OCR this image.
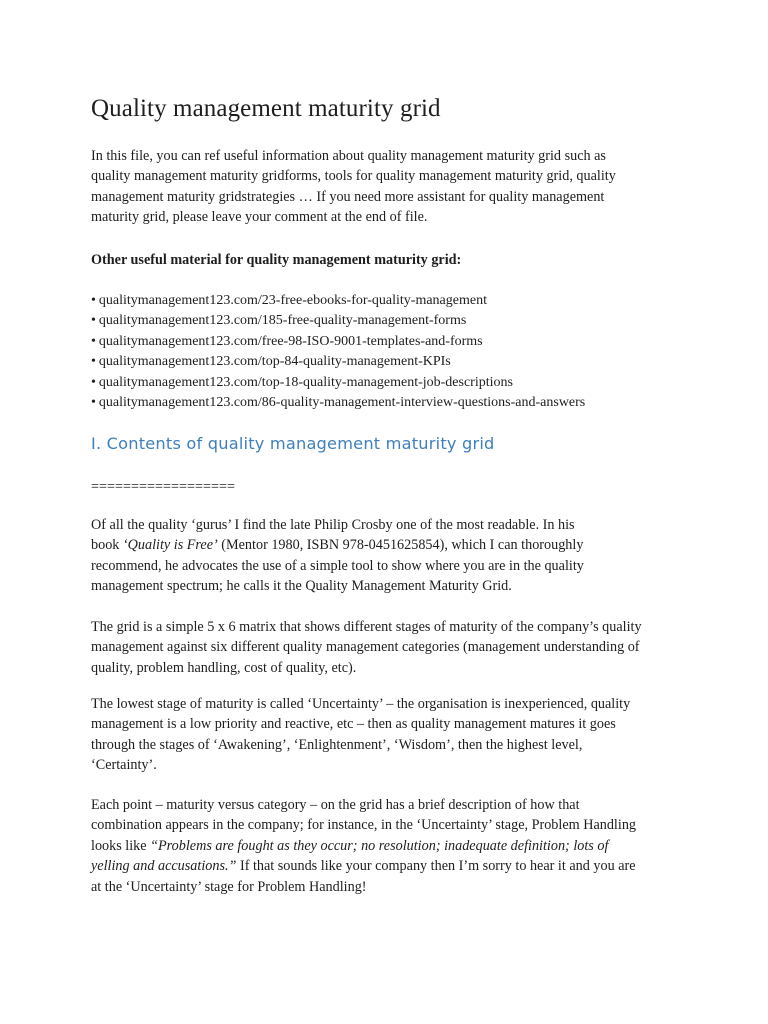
Quality management maturity grid

In this file, you can ref useful information about quality management maturity grid such as
quality management maturity gridforms, tools for quality management maturity grid, quality
management maturity gridstrategies … If you need more assistant for quality management
maturity grid, please leave your comment at the end of file.

Other useful material for quality management maturity grid:

• qualitymanagement123.com/23-free-ebooks-for-quality-management
• qualitymanagement123.com/185-free-quality-management-forms
• qualitymanagement123.com/free-98-ISO-9001-templates-and-forms
• qualitymanagement123.com/top-84-quality-management-KPIs
• qualitymanagement123.com/top-18-quality-management-job-descriptions
• qualitymanagement123.com/86-quality-management-interview-questions-and-answers
I. Contents of quality management maturity grid

==================

Of all the quality ‘gurus’ I find the late Philip Crosby one of the most readable. In his
book ‘Quality is Free’ (Mentor 1980, ISBN 978-0451625854), which I can thoroughly
recommend, he advocates the use of a simple tool to show where you are in the quality
management spectrum; he calls it the Quality Management Maturity Grid.

The grid is a simple 5 x 6 matrix that shows different stages of maturity of the company’s quality
management against six different quality management categories (management understanding of
quality, problem handling, cost of quality, etc).

The lowest stage of maturity is called ‘Uncertainty’ – the organisation is inexperienced, quality
management is a low priority and reactive, etc – then as quality management matures it goes
through the stages of ‘Awakening’, ‘Enlightenment’, ‘Wisdom’, then the highest level,
‘Certainty’.

Each point – maturity versus category – on the grid has a brief description of how that
combination appears in the company; for instance, in the ‘Uncertainty’ stage, Problem Handling
looks like “Problems are fought as they occur; no resolution; inadequate definition; lots of
yelling and accusations.” If that sounds like your company then I’m sorry to hear it and you are
at the ‘Uncertainty’ stage for Problem Handling!
